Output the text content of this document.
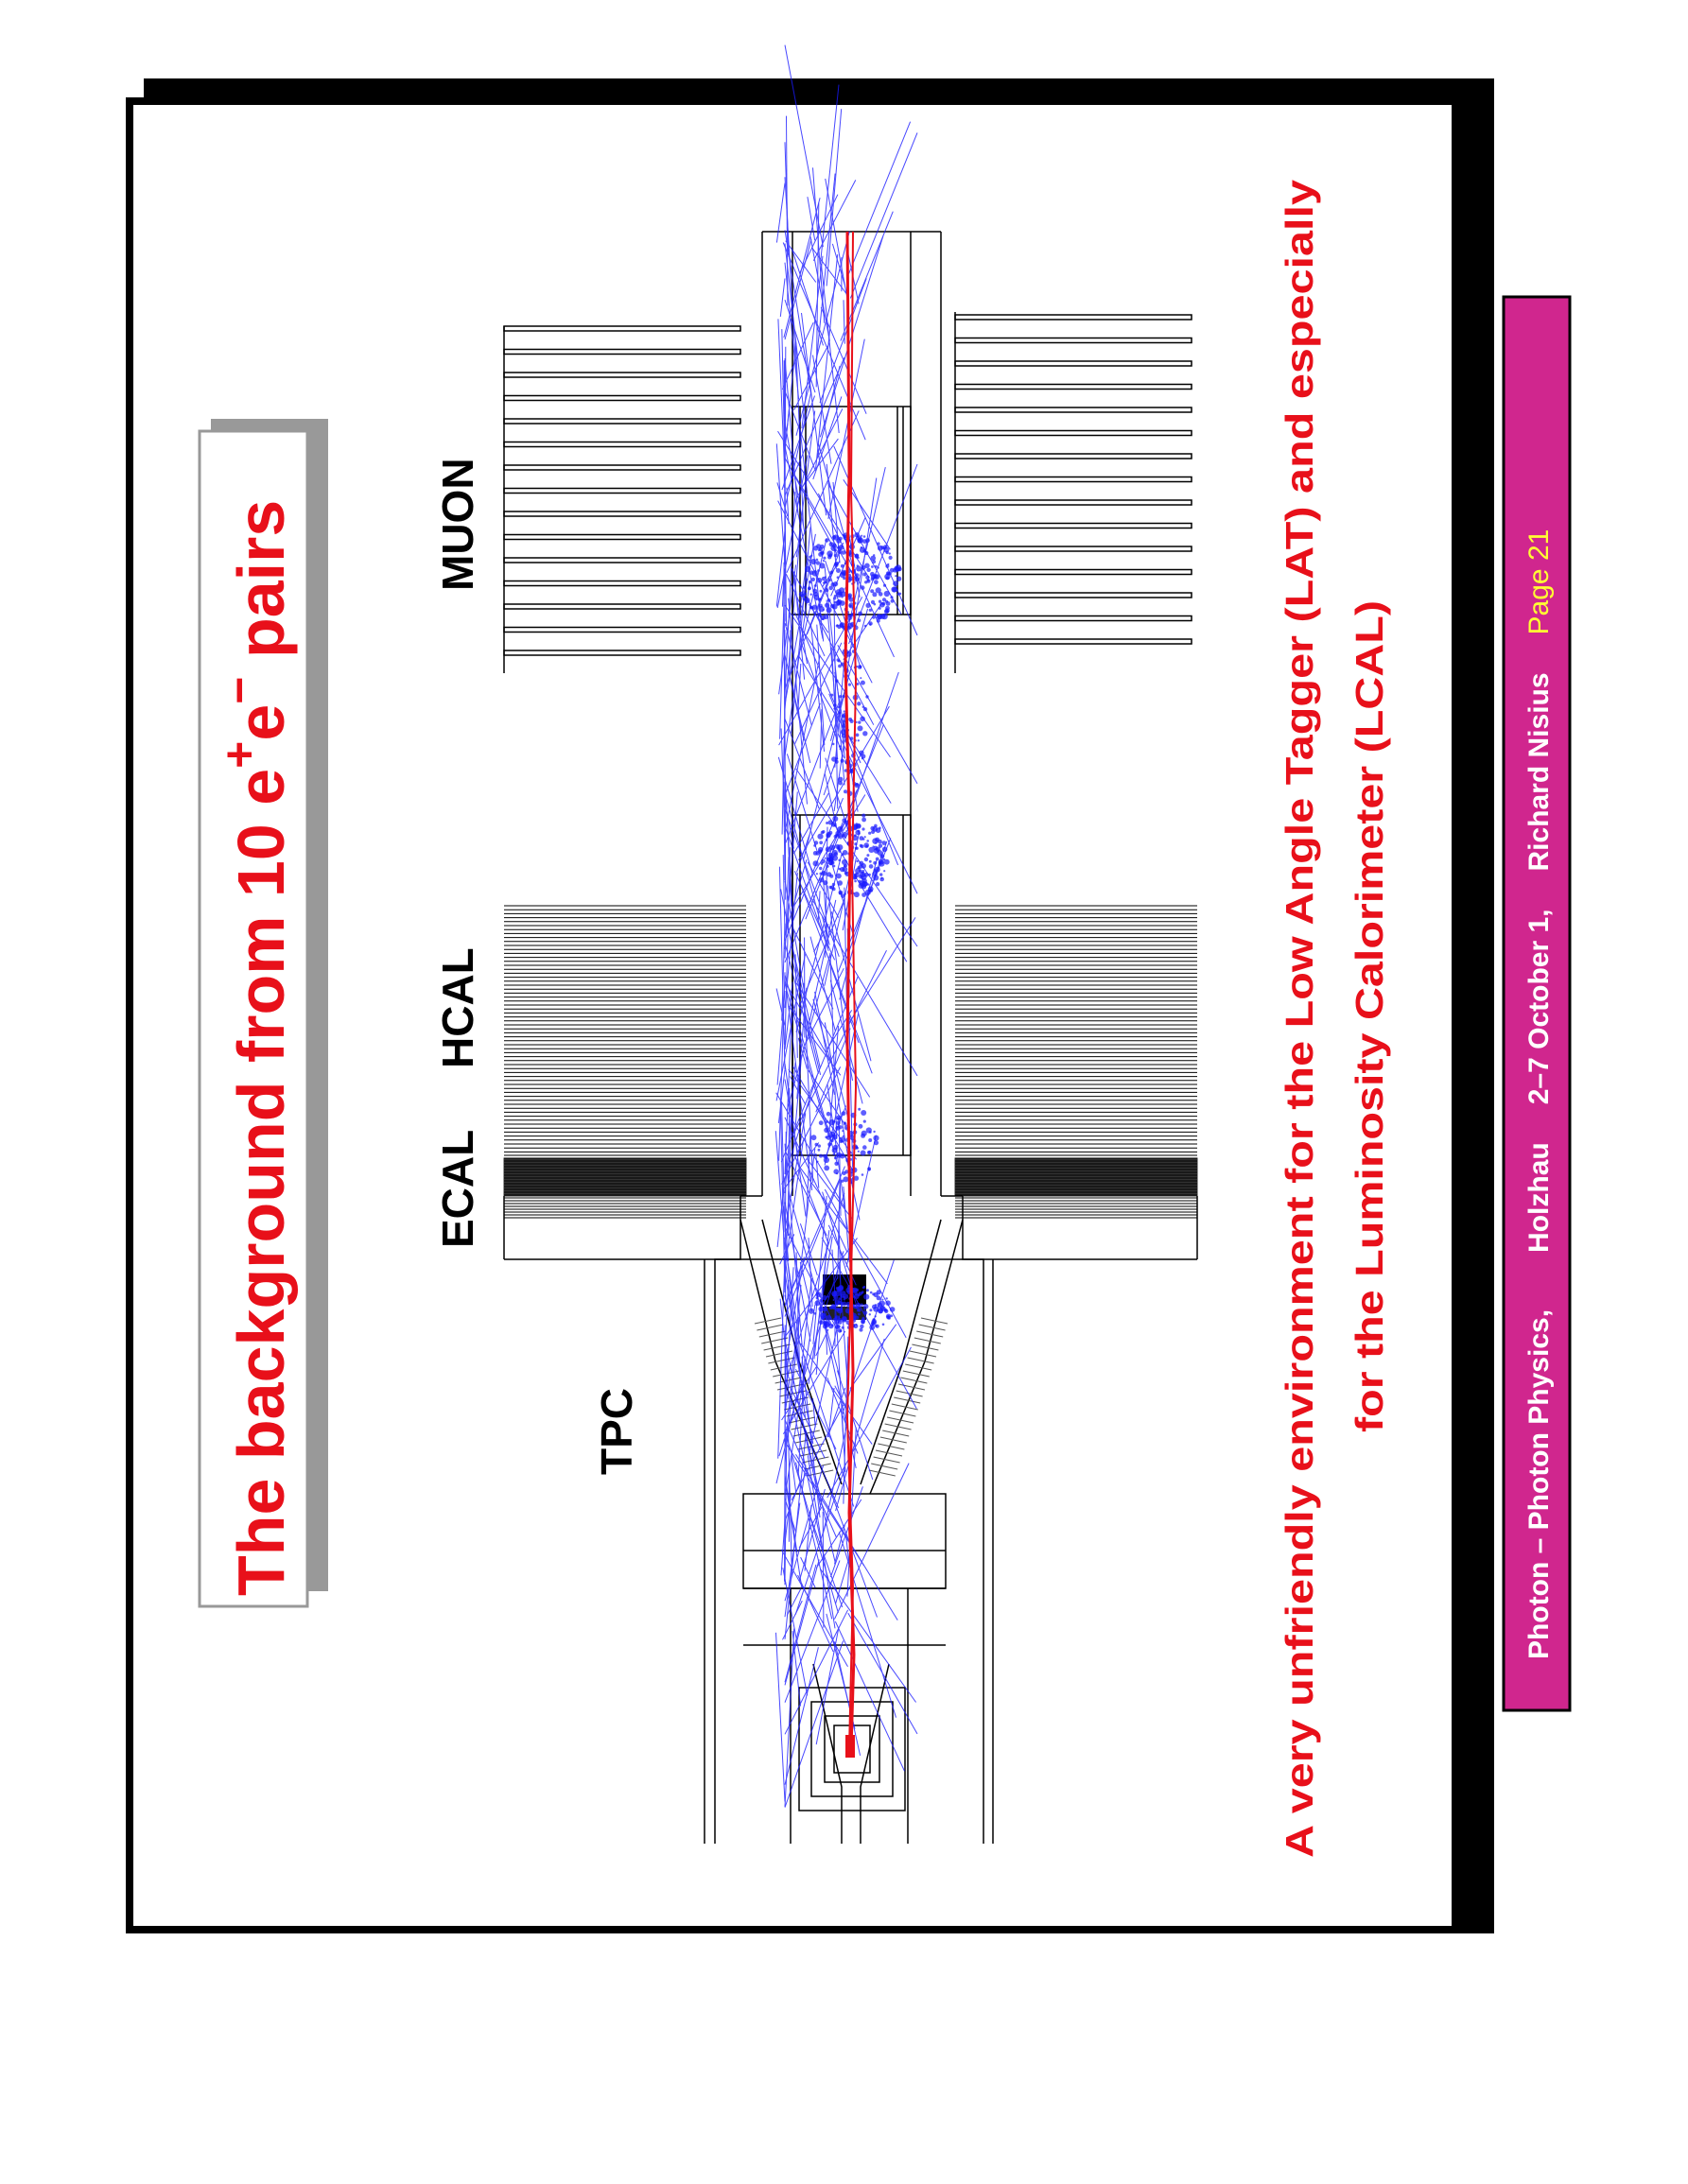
The background from 10 e+e− pairs	MUON
HCAL
ECAL
TPC	A very unfriendly environment for the Low Angle Tagger (LAT) and especially for the Luminosity Calorimeter (LCAL)
Photon – Photon Physics,Holzhau2–7 October 1,Richard NisiusPage 21
